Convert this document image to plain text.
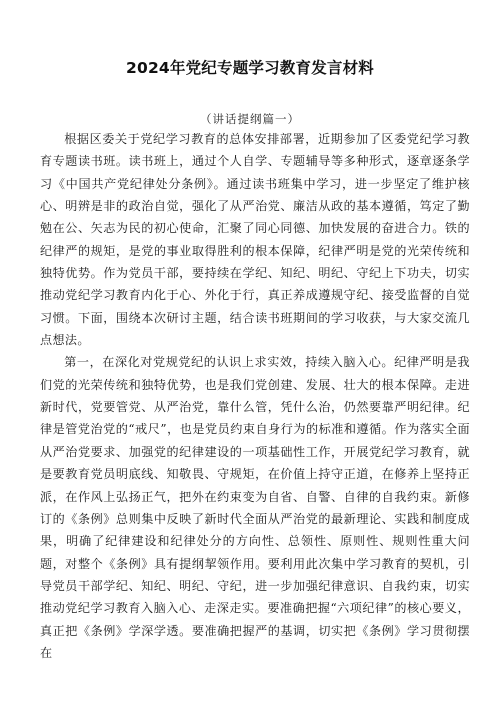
2024年党纪专题学习教育发言材料
（讲话提纲篇一）

根据区委关于党纪学习教育的总体安排部署，近期参加了区委党纪学习教育专题读书班。读书班上，通过个人自学、专题辅导等多种形式，逐章逐条学习《中国共产党纪律处分条例》。通过读书班集中学习，进一步坚定了维护核心、明辨是非的政治自觉，强化了从严治党、廉洁从政的基本遵循，笃定了勤勉在公、矢志为民的初心使命，汇聚了同心同德、加快发展的奋进合力。铁的纪律严的规矩，是党的事业取得胜利的根本保障，纪律严明是党的光荣传统和独特优势。作为党员干部，要持续在学纪、知纪、明纪、守纪上下功夫，切实推动党纪学习教育内化于心、外化于行，真正养成遵规守纪、接受监督的自觉习惯。下面，围绕本次研讨主题，结合读书班期间的学习收获，与大家交流几点想法。

第一，在深化对党规党纪的认识上求实效，持续入脑入心。纪律严明是我们党的光荣传统和独特优势，也是我们党创建、发展、壮大的根本保障。走进新时代，党要管党、从严治党，靠什么管，凭什么治，仍然要靠严明纪律。纪律是管党治党的“戒尺”，也是党员约束自身行为的标准和遵循。作为落实全面从严治党要求、加强党的纪律建设的一项基础性工作，开展党纪学习教育，就是要教育党员明底线、知敬畏、守规矩，在价值上持守正道，在修养上坚持正派，在作风上弘扬正气，把外在约束变为自省、自警、自律的自我约束。新修订的《条例》总则集中反映了新时代全面从严治党的最新理论、实践和制度成果，明确了纪律建设和纪律处分的方向性、总领性、原则性、规则性重大问题，对整个《条例》具有提纲挈领作用。要利用此次集中学习教育的契机，引导党员干部学纪、知纪、明纪、守纪，进一步加强纪律意识、自我约束，切实推动党纪学习教育入脑入心、走深走实。要准确把握“六项纪律”的核心要义，真正把《条例》学深学透。要准确把握严的基调，切实把《条例》学习贯彻摆在
